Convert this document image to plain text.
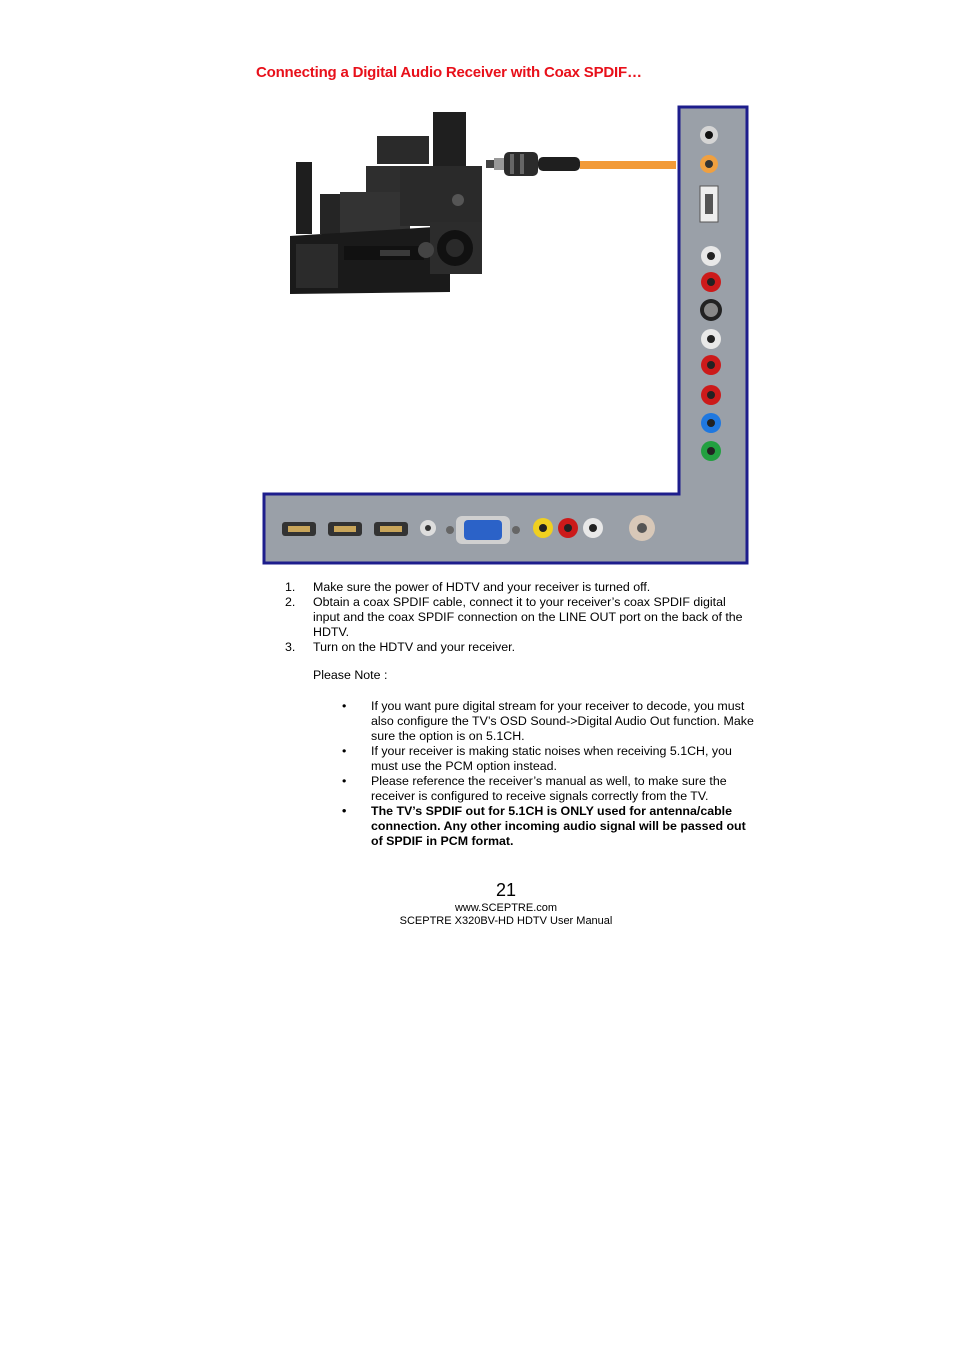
Connecting a Digital Audio Receiver with Coax SPDIF…
1. Make sure the power of HDTV and your receiver is turned off.
2. Obtain a coax SPDIF cable, connect it to your receiver’s coax SPDIF digital input and the coax SPDIF connection on the LINE OUT port on the back of the HDTV.
3. Turn on the HDTV and your receiver.
Please Note :
• If you want pure digital stream for your receiver to decode, you must also configure the TV’s OSD Sound->Digital Audio Out function. Make sure the option is on 5.1CH.
• If your receiver is making static noises when receiving 5.1CH, you must use the PCM option instead.
• Please reference the receiver’s manual as well, to make sure the receiver is configured to receive signals correctly from the TV.
• The TV’s SPDIF out for 5.1CH is ONLY used for antenna/cable connection. Any other incoming audio signal will be passed out of SPDIF in PCM format.
21
www.SCEPTRE.com
SCEPTRE X320BV-HD HDTV User Manual
